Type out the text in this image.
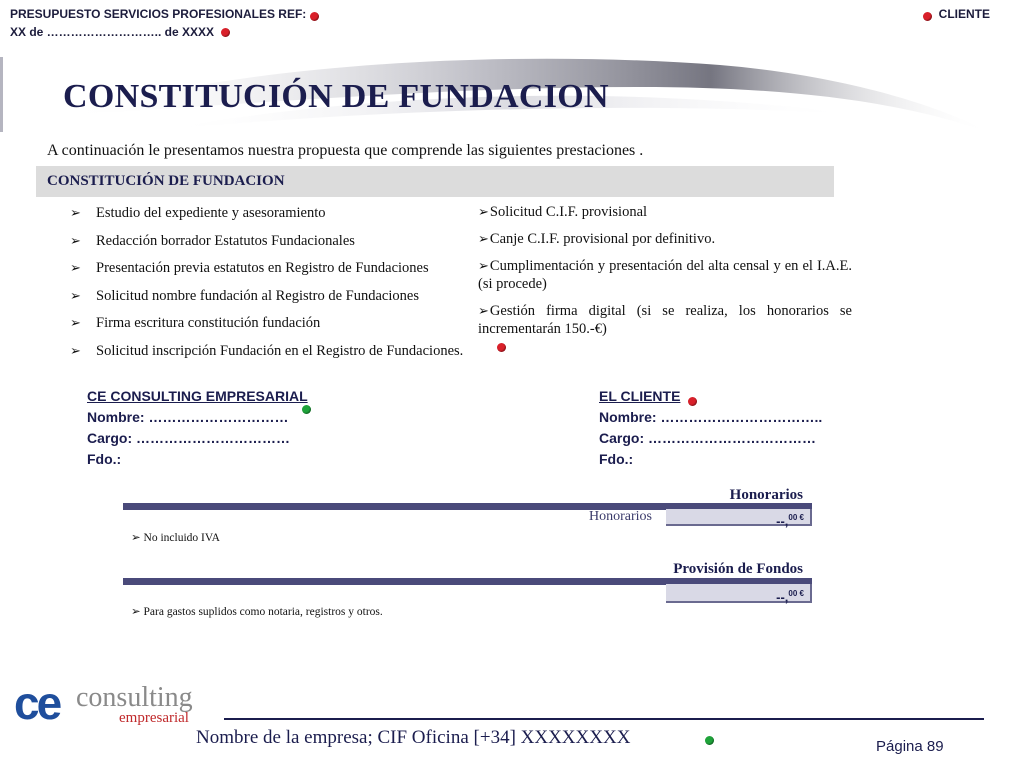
PRESUPUESTO SERVICIOS PROFESIONALES REF:
XX de ……………………….. de XXXX
CLIENTE
CONSTITUCIÓN DE FUNDACION
A continuación le presentamos nuestra propuesta que comprende las siguientes prestaciones .
CONSTITUCIÓN DE FUNDACION
➢ Estudio del expediente y asesoramiento
➢ Redacción borrador Estatutos Fundacionales
➢ Presentación previa estatutos en Registro de Fundaciones
➢ Solicitud nombre fundación al Registro de Fundaciones
➢ Firma escritura constitución fundación
➢ Solicitud inscripción Fundación en el Registro de Fundaciones.
➢Solicitud C.I.F. provisional
➢Canje C.I.F. provisional por definitivo.
➢Cumplimentación y presentación del alta censal y en el I.A.E. (si procede)
➢Gestión firma digital (si se realiza, los honorarios se incrementarán 150.-€)
CE CONSULTING EMPRESARIAL
Nombre: …………………………
Cargo: ……………………………
Fdo.:
EL CLIENTE
Nombre: ……………………………..
Cargo: ………………………………
Fdo.:
Honorarios
Honorarios	--,$^{00 €}$
➢ No incluido IVA
Provisión de Fondos
--,$^{00 €}$
➢ Para gastos suplidos como notaria, registros y otros.
ce consulting
empresarial
Nombre de la empresa; CIF Oficina [+34] XXXXXXXX	Página 89
